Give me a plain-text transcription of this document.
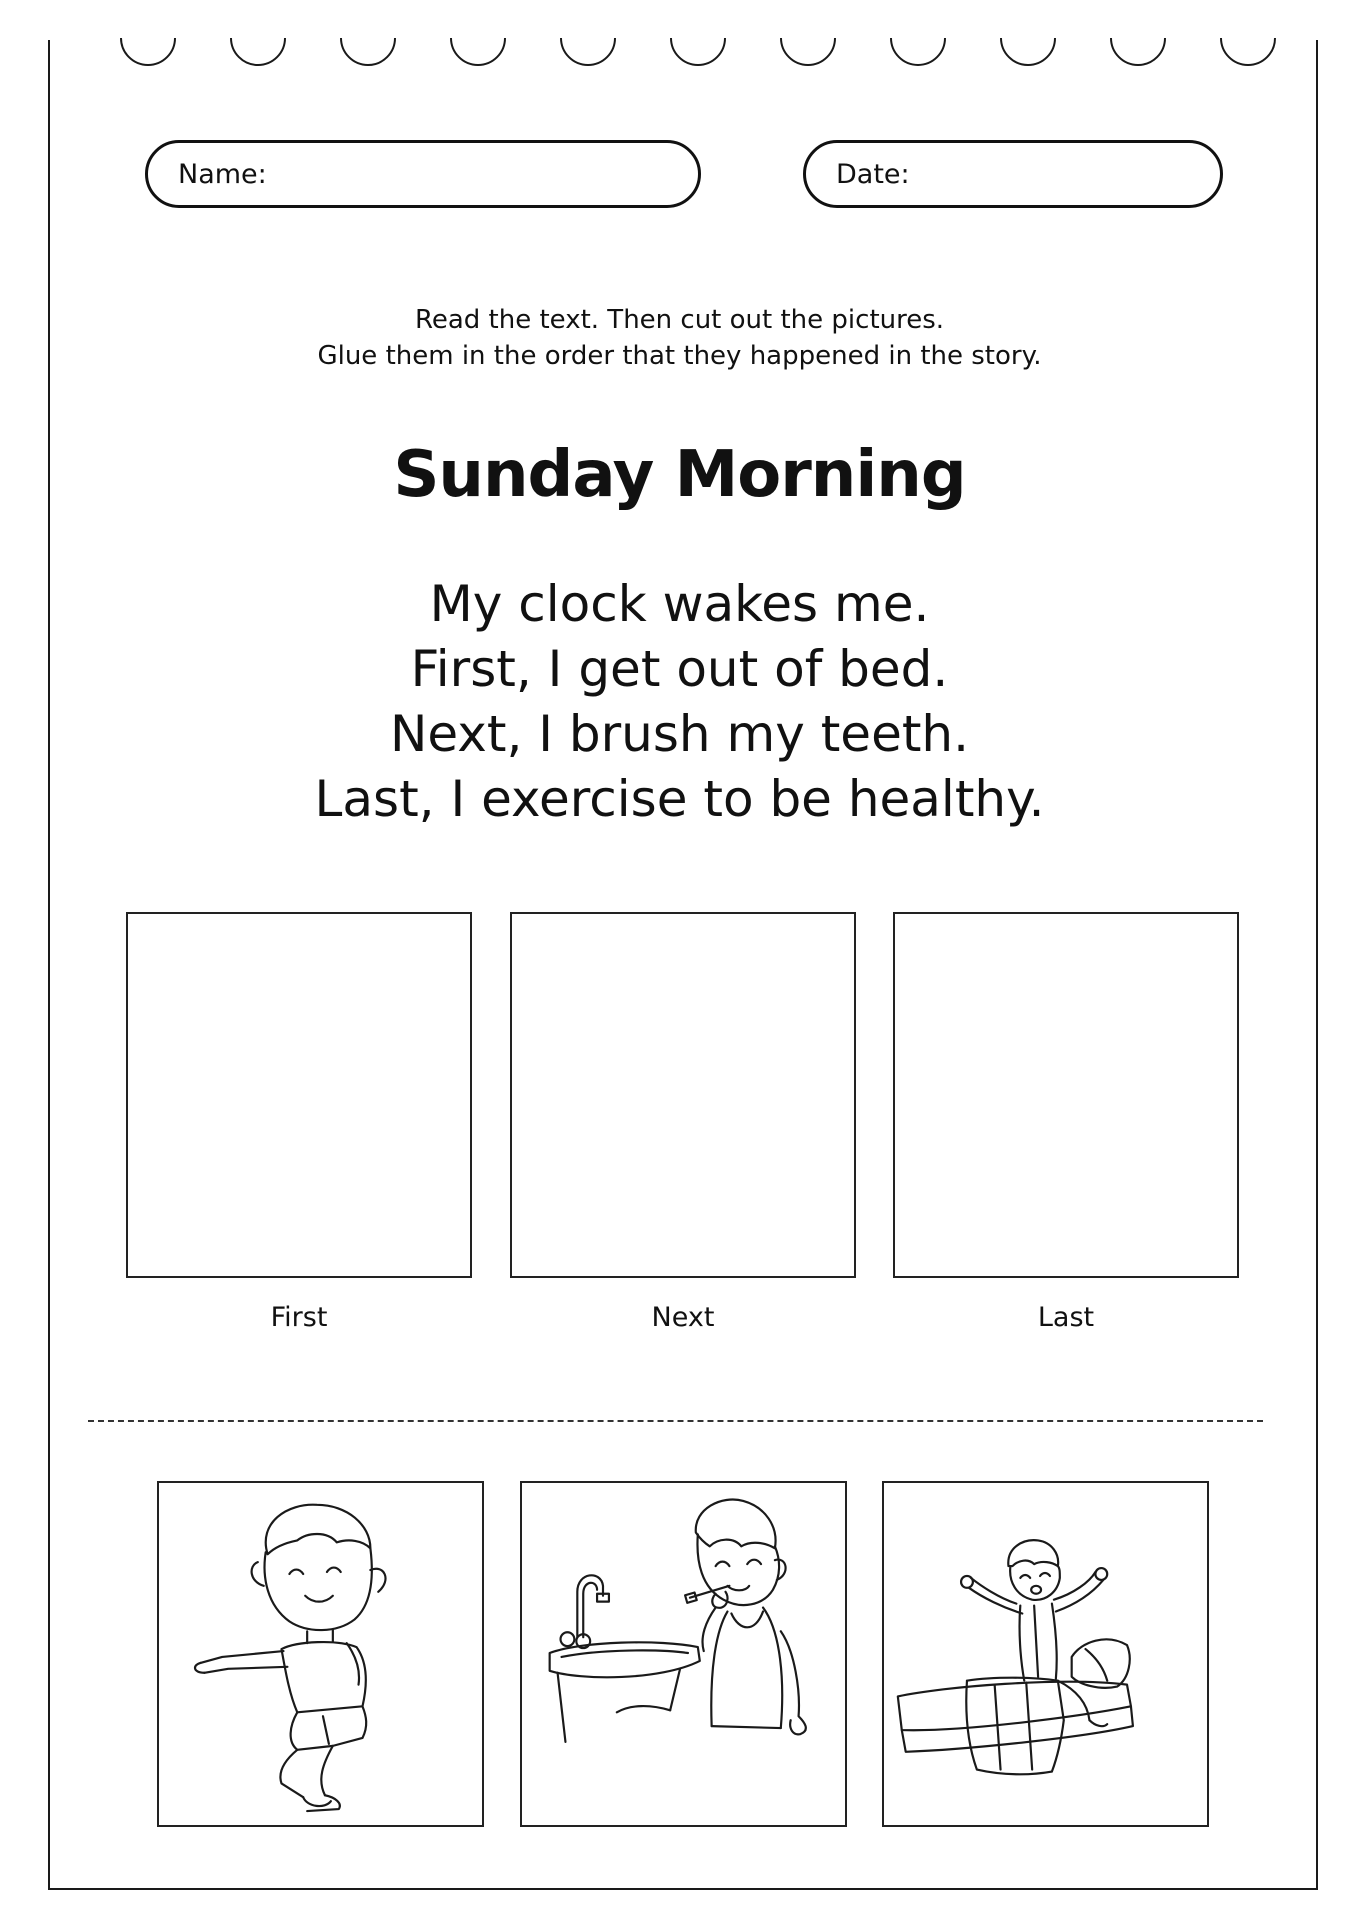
Name:	Date:
Read the text. Then cut out the pictures.
Glue them in the order that they happened in the story.
Sunday Morning
My clock wakes me.
First, I get out of bed.
Next, I brush my teeth.
Last, I exercise to be healthy.
First	Next	Last
